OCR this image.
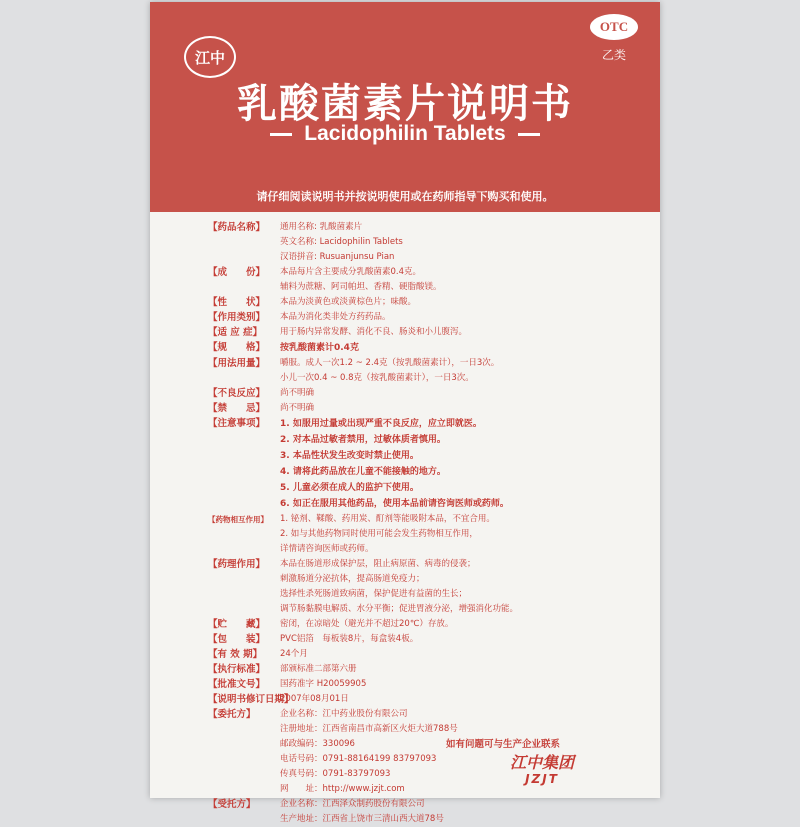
江中
OTC
乙类
乳酸菌素片说明书
Lacidophilin Tablets
请仔细阅读说明书并按说明使用或在药师指导下购买和使用。
【药品名称】	通用名称: 乳酸菌素片
英文名称: Lacidophilin Tablets
汉语拼音: Rusuanjunsu Pian
【成　　份】	本品每片含主要成分乳酸菌素0.4克。
辅料为蔗糖、阿司帕坦、香精、硬脂酸镁。
【性　　状】	本品为淡黄色或淡黄棕色片；味酸。
【作用类别】	本品为消化类非处方药药品。
【适 应 症】	用于肠内异常发酵、消化不良、肠炎和小儿腹泻。
【规　　格】	按乳酸菌素计0.4克
【用法用量】	嚼服。成人一次1.2 ~ 2.4克（按乳酸菌素计），一日3次。
小儿一次0.4 ~ 0.8克（按乳酸菌素计），一日3次。
【不良反应】	尚不明确
【禁　　忌】	尚不明确
【注意事项】	1. 如服用过量或出现严重不良反应，应立即就医。
2. 对本品过敏者禁用，过敏体质者慎用。
3. 本品性状发生改变时禁止使用。
4. 请将此药品放在儿童不能接触的地方。
5. 儿童必须在成人的监护下使用。
6. 如正在服用其他药品，使用本品前请咨询医师或药师。
【药物相互作用】	1. 铋剂、鞣酸、药用炭、酊剂等能吸附本品，不宜合用。
2. 如与其他药物同时使用可能会发生药物相互作用，
详情请咨询医师或药师。
【药理作用】	本品在肠道形成保护层，阻止病原菌、病毒的侵袭；
刺激肠道分泌抗体，提高肠道免疫力；
选择性杀死肠道致病菌，保护促进有益菌的生长；
调节肠黏膜电解质、水分平衡；促进胃液分泌，增强消化功能。
【贮　　藏】	密闭，在凉暗处（避光并不超过20℃）存放。
【包　　装】	PVC铝箔　每板装8片，每盒装4板。
【有 效 期】	24个月
【执行标准】	部颁标准二部第六册
【批准文号】	国药准字 H20059905
【说明书修订日期】
2007年08月01日
【委托方】	企业名称：江中药业股份有限公司
注册地址：江西省南昌市高新区火炬大道788号
邮政编码：330096
电话号码：0791-88164199 83797093
传真号码：0791-83797093
网　　址：http://www.jzjt.com
【受托方】	企业名称：江西泽众制药股份有限公司
生产地址：江西省上饶市三清山西大道78号
如有问题可与生产企业联系
江中集团
JZJT
